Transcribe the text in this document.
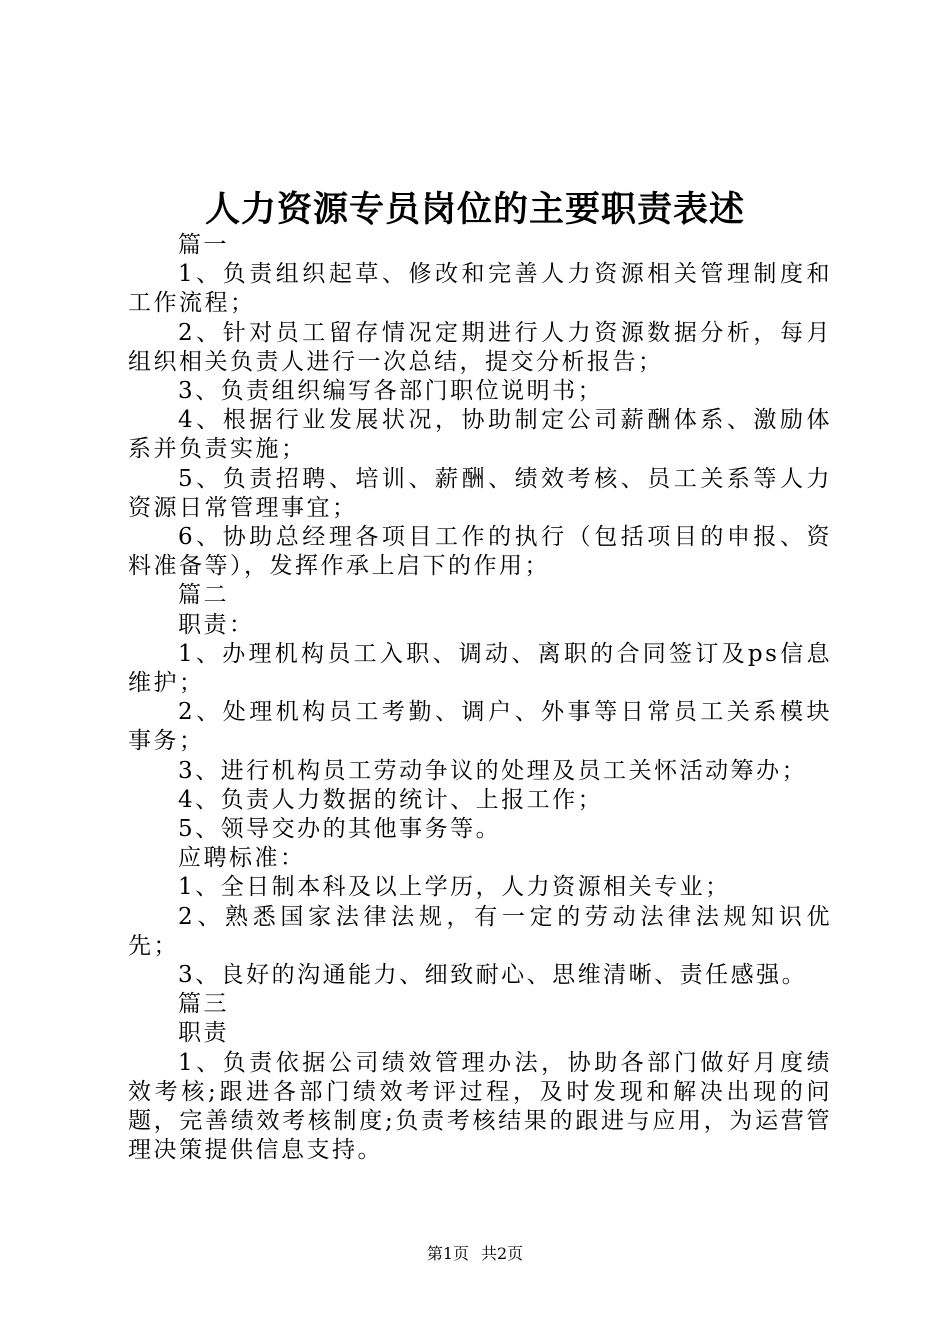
人力资源专员岗位的主要职责表述

篇一

1、负责组织起草、修改和完善人力资源相关管理制度和工作流程；

2、针对员工留存情况定期进行人力资源数据分析，每月组织相关负责人进行一次总结，提交分析报告；

3、负责组织编写各部门职位说明书；

4、根据行业发展状况，协助制定公司薪酬体系、激励体系并负责实施；

5、负责招聘、培训、薪酬、绩效考核、员工关系等人力资源日常管理事宜；

6、协助总经理各项目工作的执行（包括项目的申报、资料准备等），发挥作承上启下的作用；

篇二

职责：

1、办理机构员工入职、调动、离职的合同签订及ps信息维护；

2、处理机构员工考勤、调户、外事等日常员工关系模块事务；

3、进行机构员工劳动争议的处理及员工关怀活动筹办；

4、负责人力数据的统计、上报工作；

5、领导交办的其他事务等。

应聘标准：

1、全日制本科及以上学历，人力资源相关专业；

2、熟悉国家法律法规，有一定的劳动法律法规知识优先；

3、良好的沟通能力、细致耐心、思维清晰、责任感强。

篇三

职责

1、负责依据公司绩效管理办法，协助各部门做好月度绩效考核;跟进各部门绩效考评过程，及时发现和解决出现的问题，完善绩效考核制度;负责考核结果的跟进与应用，为运营管理决策提供信息支持。

第1页 共2页
